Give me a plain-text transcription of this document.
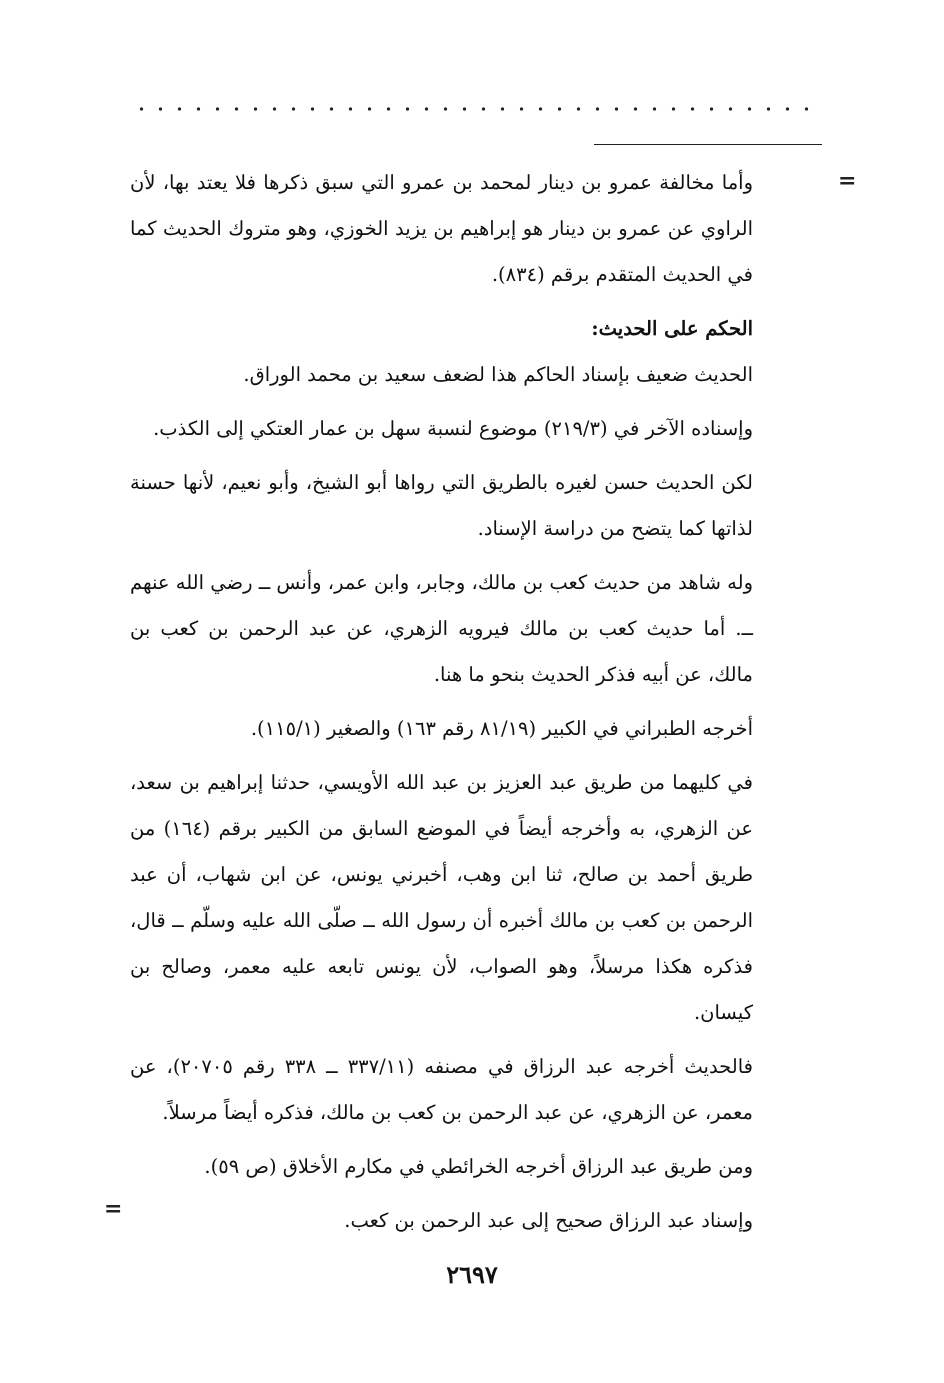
=

وأما مخالفة عمرو بن دينار لمحمد بن عمرو التي سبق ذكرها فلا يعتد بها، لأن الراوي عن عمرو بن دينار هو إبراهيم بن يزيد الخوزي، وهو متروك الحديث كما في الحديث المتقدم برقم (٨٣٤).

الحكم على الحديث:

الحديث ضعيف بإسناد الحاكم هذا لضعف سعيد بن محمد الوراق.

وإسناده الآخر في (٢١٩/٣) موضوع لنسبة سهل بن عمار العتكي إلى الكذب.

لكن الحديث حسن لغيره بالطريق التي رواها أبو الشيخ، وأبو نعيم، لأنها حسنة لذاتها كما يتضح من دراسة الإسناد.

وله شاهد من حديث كعب بن مالك، وجابر، وابن عمر، وأنس ــ رضي الله عنهم ــ. أما حديث كعب بن مالك فيرويه الزهري، عن عبد الرحمن بن كعب بن مالك، عن أبيه فذكر الحديث بنحو ما هنا.

أخرجه الطبراني في الكبير (٨١/١٩ رقم ١٦٣) والصغير (١١٥/١).

في كليهما من طريق عبد العزيز بن عبد الله الأويسي، حدثنا إبراهيم بن سعد، عن الزهري، به وأخرجه أيضاً في الموضع السابق من الكبير برقم (١٦٤) من طريق أحمد بن صالح، ثنا ابن وهب، أخبرني يونس، عن ابن شهاب، أن عبد الرحمن بن كعب بن مالك أخبره أن رسول الله ــ صلّى الله عليه وسلّم ــ قال، فذكره هكذا مرسلاً، وهو الصواب، لأن يونس تابعه عليه معمر، وصالح بن كيسان.

فالحديث أخرجه عبد الرزاق في مصنفه (٣٣٧/١١ ــ ٣٣٨ رقم ٢٠٧٠٥)، عن معمر، عن الزهري، عن عبد الرحمن بن كعب بن مالك، فذكره أيضاً مرسلاً.

ومن طريق عبد الرزاق أخرجه الخرائطي في مكارم الأخلاق (ص ٥٩).

وإسناد عبد الرزاق صحيح إلى عبد الرحمن بن كعب.

=
٢٦٩٧
